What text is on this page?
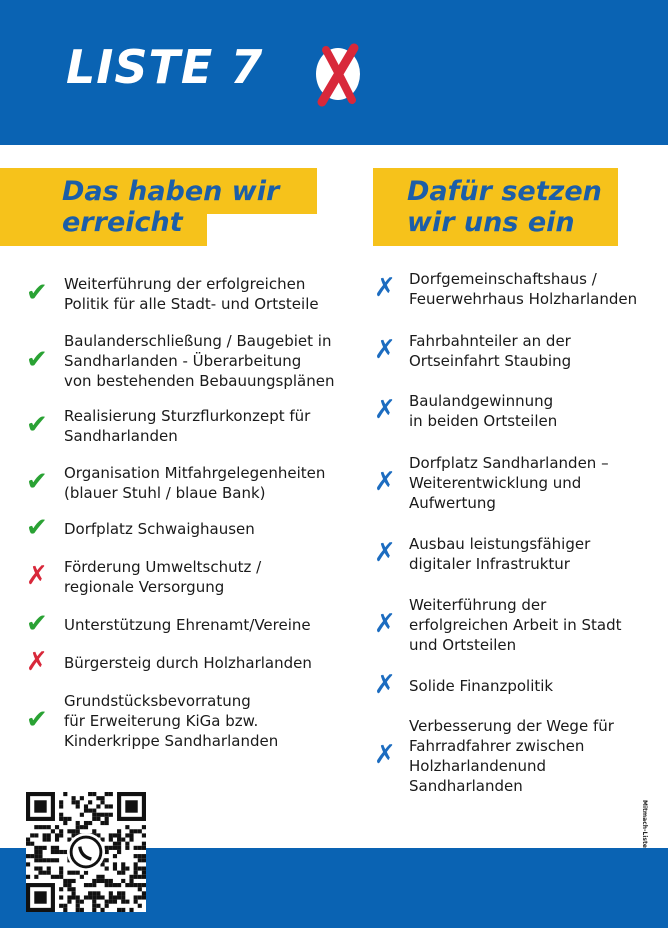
LISTE 7
Das haben wir
erreicht
Dafür setzen
wir uns ein
✔ Weiterführung der erfolgreichen
Politik für alle Stadt- und Ortsteile
✔
Baulanderschließung / Baugebiet in
Sandharlanden - Überarbeitung
von bestehenden Bebauungsplänen
✔ Realisierung Sturzflurkonzept für
Sandharlanden
✔ Organisation Mitfahrgelegenheiten
(blauer Stuhl / blaue Bank)
✔ Dorfplatz Schwaighausen
✗ Förderung Umweltschutz /
regionale Versorgung
✔ Unterstützung Ehrenamt/Vereine
✗ Bürgersteig durch Holzharlanden
✔
Grundstücksbevorratung
für Erweiterung KiGa bzw.
Kinderkrippe Sandharlanden
✗ Dorfgemeinschaftshaus /
Feuerwehrhaus Holzharlanden
✗ Fahrbahnteiler an der
Ortseinfahrt Staubing
✗ Baulandgewinnung
in beiden Ortsteilen
✗
Dorfplatz Sandharlanden –
Weiterentwicklung und
Aufwertung
✗ Ausbau leistungsfähiger
digitaler Infrastruktur
✗
Weiterführung der
erfolgreichen Arbeit in Stadt
und Ortsteilen
✗ Solide Finanzpolitik
✗
Verbesserung der Wege für
Fahrradfahrer zwischen
Holzharlandenund
Sandharlanden
Mitmach-Liste
